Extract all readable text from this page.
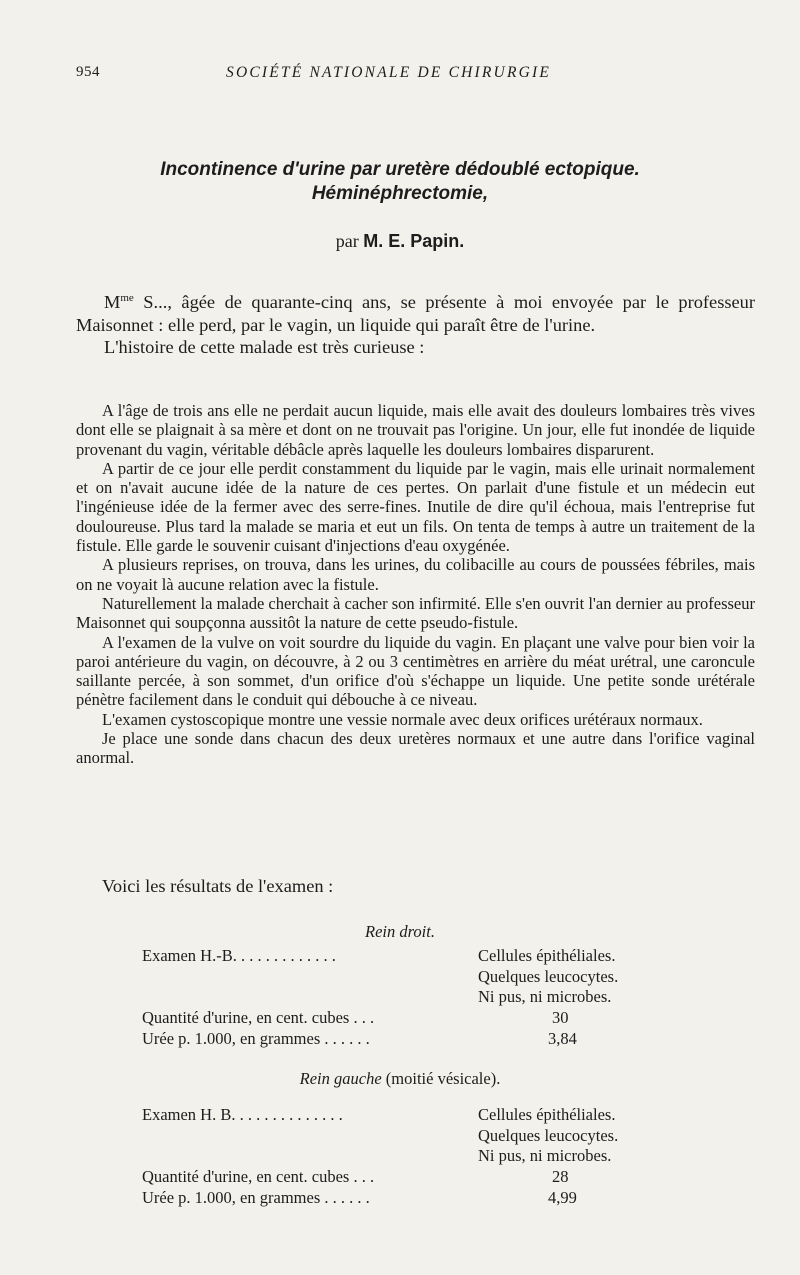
954	SOCIÉTÉ NATIONALE DE CHIRURGIE
Incontinence d'urine par uretère dédoublé ectopique.
Héminéphrectomie,
par M. E. Papin.

$M^{me}$ S..., âgée de quarante-cinq ans, se présente à moi envoyée par le professeur Maisonnet : elle perd, par le vagin, un liquide qui paraît être de l'urine.

L'histoire de cette malade est très curieuse :

A l'âge de trois ans elle ne perdait aucun liquide, mais elle avait des douleurs lombaires très vives dont elle se plaignait à sa mère et dont on ne trouvait pas l'origine. Un jour, elle fut inondée de liquide provenant du vagin, véritable débâcle après laquelle les douleurs lombaires disparurent.

A partir de ce jour elle perdit constamment du liquide par le vagin, mais elle urinait normalement et on n'avait aucune idée de la nature de ces pertes. On parlait d'une fistule et un médecin eut l'ingénieuse idée de la fermer avec des serre-fines. Inutile de dire qu'il échoua, mais l'entreprise fut douloureuse. Plus tard la malade se maria et eut un fils. On tenta de temps à autre un traitement de la fistule. Elle garde le souvenir cuisant d'injections d'eau oxygénée.

A plusieurs reprises, on trouva, dans les urines, du colibacille au cours de poussées fébriles, mais on ne voyait là aucune relation avec la fistule.

Naturellement la malade cherchait à cacher son infirmité. Elle s'en ouvrit l'an dernier au professeur Maisonnet qui soupçonna aussitôt la nature de cette pseudo-fistule.

A l'examen de la vulve on voit sourdre du liquide du vagin. En plaçant une valve pour bien voir la paroi antérieure du vagin, on découvre, à 2 ou 3 centimètres en arrière du méat urétral, une caroncule saillante percée, à son sommet, d'un orifice d'où s'échappe un liquide. Une petite sonde urétérale pénètre facilement dans le conduit qui débouche à ce niveau.

L'examen cystoscopique montre une vessie normale avec deux orifices urétéraux normaux.

Je place une sonde dans chacun des deux uretères normaux et une autre dans l'orifice vaginal anormal.

Voici les résultats de l'examen :
Rein droit.
Examen H.-B. . . . . . . . . . . . .	Cellules épithéliales.
Quelques leucocytes.
Ni pus, ni microbes.
Quantité d'urine, en cent. cubes . . .	30
Urée p. 1.000, en grammes . . . . . .	3,84
Rein gauche (moitié vésicale).
Examen H. B. . . . . . . . . . . . . .	Cellules épithéliales.
Quelques leucocytes.
Ni pus, ni microbes.
Quantité d'urine, en cent. cubes . . .	28
Urée p. 1.000, en grammes . . . . . .	4,99
